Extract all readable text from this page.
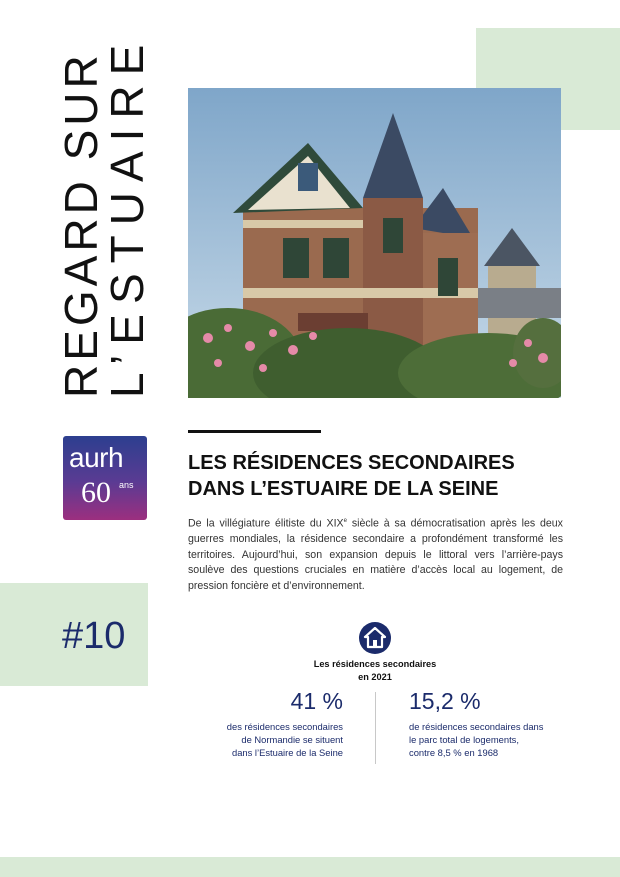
REGARD SUR
L’ESTUAIRE
aurh
60 ans
LES RÉSIDENCES SECONDAIRES DANS L’ESTUAIRE DE LA SEINE
De la villégiature élitiste du XIXe siècle à sa démocratisation après les deux guerres mondiales, la résidence secondaire a profondément transformé les territoires. Aujourd’hui, son expansion depuis le littoral vers l’arrière-pays soulève des questions cruciales en matière d’accès local au logement, de pression foncière et d’environnement.
#10
Les résidences secondaires
en 2021
41 %
des résidences secondaires
de Normandie se situent
dans l’Estuaire de la Seine
15,2 %
de résidences secondaires dans
le parc total de logements,
contre 8,5 % en 1968
